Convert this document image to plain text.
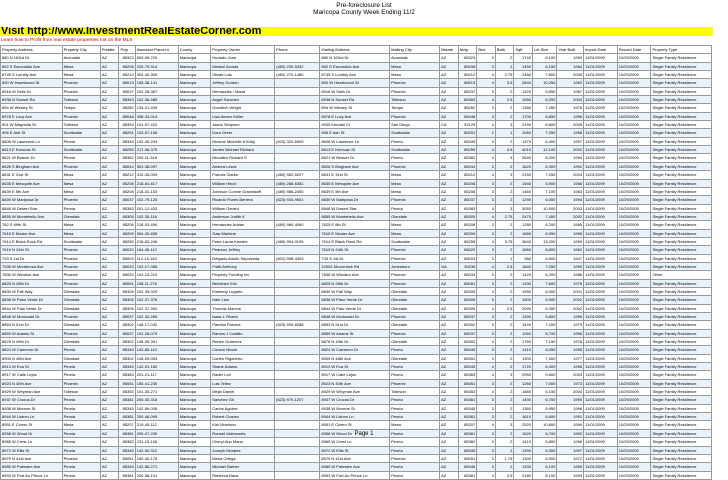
Pre-foreclosure List
Maricopa County Week Ending 11/2
Visit http://www.InvestmentRealEstateCorner.com
Learn how to Profit from real estate properties not on the MLS
Property Address	Property City	Prstate	Pzip	Assessor Parcel #	County	Property Owner	Phone	Mailing Address	Mailing City	Mstate	Mzip	Bed	Bath	Sqft	Lot Size	Year Built	Import Date	Record Date	Property Type
880 N 163rd Dr	Avondale	AZ	85323	500-09-229	Maricopa	Hurtado Jose		880 N 163rd Dr	Avondale	AZ	85323	3	2	1740	6,100	1999	11/01/2009	10/29/2009	Single Family Residence
892 S Escondido Ave	Mesa	AZ	85208	220-79-914	Maricopa	Marisol Acosta	(480) 239-5332	892 S Escondido Ave	Mesa	AZ	85208	3	2	1450	6,150	1984	11/01/2009	10/29/2009	Single Family Residence
8745 S Lumbly Ave	Mesa	AZ	85212	304-40-305	Maricopa	Olivas Luis	(480) 270-1480	8745 S Lumbly Ave	Mesa	AZ	85212	4	2.75	2480	7,800	2005	11/01/2009	10/29/2009	Single Family Residence
890 W Hazelwood St	Phoenix	AZ	85013	155-38-141	Maricopa	Jeffrey Gordon		890 W Hazelwood St	Phoenix	AZ	85013	4	3.5	2840	10,250	1962	11/01/2009	10/29/2009	Single Family Residence
8916 W Sells Dr	Phoenix	AZ	85037	102-28-367	Maricopa	Hernandez / Maria		8916 W Sells Dr	Phoenix	AZ	85037	3	2	1320	5,850	1987	11/01/2009	10/29/2009	Single Family Residence
8938 N Sunset Rd	Tolleson	AZ	85353	102-36-485	Maricopa	Angel Sanchez		8938 N Sunset Rd	Tolleson	AZ	85353	4	2.5	1950	6,200	2003	11/01/2009	10/29/2009	Single Family Residence
894 W Wesley St	Tempe	AZ	85282	134-21-409	Maricopa	Goodrich Wright		894 W Wesley St	Tempe	AZ	85282	3	2	1380	7,450	1976	11/01/2009	10/29/2009	Single Family Residence
8978 E Lucy Ave	Phoenix	AZ	85048	308-43-014	Maricopa	Lisa Ameur Keller		8978 E Lucy Ave	Phoenix	AZ	85048	3	2	1700	6,850	1996	11/01/2009	10/29/2009	Single Family Residence
901 W Magnolia St	Tolleson	AZ	85353	101-57-422	Maricopa	Jason Simpson		9005 Kendall Ct	San Diego	CA	92129	4	3	2150	6,800	2005	11/01/2009	10/29/2009	Single Family Residence
906 E Ash St	Scottsdale	AZ	85251	120-07-106	Maricopa	Dora Greer		906 E Ash St	Scottsdale	AZ	85251	2	1	1060	7,350	1958	11/01/2009	10/29/2009	Single Family Residence
8608 W Lawrence Ln	Peoria	AZ	85345	142-45-203	Maricopa	Monroe Michelle A Kirby	(623) 322-6909	8608 W Lawrence Ln	Peoria	AZ	85345	3	2	1370	6,400	1997	11/01/2009	10/29/2009	Single Family Residence
8613 E Kerouac St	Scottsdale	AZ	85255	217-08-375	Maricopa	James Michael Richard		8613 E Kerouac St	Scottsdale	AZ	85255	4	4.5	4010	12,100	2002	11/01/2009	10/29/2009	Single Family Residence
8621 W Beaver Dr	Peoria	AZ	85382	200-11-318	Maricopa	Mccallen Richard S		8621 W Beaver Dr	Peoria	AZ	85382	4	3	2640	8,200	1994	11/01/2009	10/29/2009	Single Family Residence
8626 S Bingham Ave	Phoenix	AZ	85044	301-38-097	Maricopa	Andrea Lewis		8626 S Bingham Ave	Phoenix	AZ	85044	3	2	1620	6,300	1992	11/01/2009	10/29/2009	Single Family Residence
8631 E 31st St	Mesa	AZ	85212	312-45-009	Maricopa	Francis Clarke	(480) 962-5207	8631 E 31st St	Mesa	AZ	85212	4	3	2150	7,250	2004	11/01/2009	10/29/2009	Single Family Residence
8635 E Mesquite Ave	Mesa	AZ	85208	218-64-617	Maricopa	William Hinch	(480) 288-6381	8635 E Mesquite Ave	Mesa	AZ	85208	3	2	1540	5,900	1986	11/01/2009	10/29/2009	Single Family Residence
8639 E 5th Ave	Mesa	AZ	85208	218-02-153	Maricopa	Johnson Connie Grandstaff	(480) 986-2450	8639 E 5th Ave	Mesa	AZ	85208	3	2	1460	7,100	1983	11/01/2009	10/29/2009	Single Family Residence
8839 W Mariposa Dr	Phoenix	AZ	85037	102-79-125	Maricopa	Ricardo Flores Berrera	(623) 934-9501	8839 W Mariposa Dr	Phoenix	AZ	85037	3	2	1290	6,000	1994	11/01/2009	10/29/2009	Single Family Residence
8848 W Desert Star	Peoria	AZ	85383	201-12-433	Maricopa	William Gerard		8848 W Desert Star	Peoria	AZ	85383	4	3	3050	10,500	2003	11/01/2009	10/29/2009	Single Family Residence
8855 W Montebello Ave	Glendale	AZ	85305	102-35-116	Maricopa	Anderson Judith K		8855 W Montebello Ave	Glendale	AZ	85305	4	2.75	2470	7,450	2002	11/01/2009	10/29/2009	Single Family Residence
762 S 69th St	Mesa	AZ	85208	218-03-490	Maricopa	Hernandez Adrian	(480) 984-4090	7625 E 6th St	Mesa	AZ	85208	3	2	1280	6,200	1985	11/01/2009	10/29/2009	Single Family Residence
7615 E Mosier Ave	Mesa	AZ	85209	304-30-655	Maricopa	Gaw Marlene		7615 E Mosier Ave	Mesa	AZ	85209	3	2	1650	6,950	1996	11/01/2009	10/29/2009	Single Family Residence
7614 E Black Rock Rd	Scottsdale	AZ	85255	216-63-246	Maricopa	Peter Laura Keesler	(480) 994-0105	7614 E Black Rock Rd	Scottsdale	AZ	85255	4	3.75	3640	13,200	1999	11/01/2009	10/29/2009	Single Family Residence
7619 N 24th St	Phoenix	AZ	85020	164-46-112	Maricopa	Pearson Jeffrey		7619 N 24th St	Phoenix	AZ	85020	3	2	1560	8,800	1962	11/01/2009	10/29/2009	Single Family Residence
733 S 1st Dr	Phoenix	AZ	85003	112-15-183	Maricopa	Delgado Adolfo Sepulveda	(602) 998-4303	733 S 1st Dr	Phoenix	AZ	85003	3	1	980	6,500	1947	11/01/2009	10/29/2009	Single Family Residence
7339 W Monterosa Ave	Phoenix	AZ	85033	102-17-085	Maricopa	Fratti Anthony		10002 Mccormick Rd	Jonesboro	GA	30236	4	2.5	1840	7,050	1999	11/01/2009	10/29/2009	Single Family Residence
7836 W Windsor Ave	Phoenix	AZ	85033	102-19-210	Maricopa	Property Funding Inc		7836 W Windsor Ave	Phoenix	AZ	85033	3	2	1420	6,200	1986	11/01/2009	10/29/2009	Other
8825 N 28th Dr	Phoenix	AZ	85051	158-11-276	Maricopa	Berkshire Eric		8825 N 28th Dr	Phoenix	AZ	85051	3	2	1330	7,600	1975	11/01/2009	10/29/2009	Single Family Residence
8830 W Pali Way	Glendale	AZ	85305	102-39-029	Maricopa	Kimberly Lugarto		8830 W Pali Way	Glendale	AZ	85305	4	2	1950	6,000	2001	11/01/2009	10/29/2009	Single Family Residence
8838 W Paso Verde Dr	Glendale	AZ	85305	102-37-376	Maricopa	Hale Lisa		8838 W Paso Verde Dr	Glendale	AZ	85305	3	2	1500	5,900	2002	11/01/2009	10/29/2009	Single Family Residence
8844 W Palo Verde Dr	Glendale	AZ	85305	102-37-392	Maricopa	Thomas Marcus		8844 W Palo Verde Dr	Glendale	AZ	85305	4	2.5	2090	6,350	2002	11/01/2009	10/29/2009	Single Family Residence
8848 W Mcdonald Dr	Phoenix	AZ	85037	102-32-265	Maricopa	Isaac L Rivera		8848 W Mcdonald Dr	Phoenix	AZ	85037	3	2	1390	5,800	1995	11/01/2009	10/29/2009	Single Family Residence
8853 N 51st Dr	Glendale	AZ	85302	148-17-032	Maricopa	Pamela Paloma	(623) 939-8288	8853 N 51st Dr	Glendale	AZ	85302	3	2	1440	7,200	1979	11/01/2009	10/29/2009	Single Family Residence
8859 W Adams St	Phoenix	AZ	85037	102-28-079	Maricopa	Ramon J Castillo		8859 W Adams St	Phoenix	AZ	85037	3	2	1260	5,700	1996	11/01/2009	10/29/2009	Single Family Residence
8878 N 49th Dr	Glendale	AZ	85302	148-09-391	Maricopa	Renee Gutierrez		8878 N 49th Dr	Glendale	AZ	85302	4	2	1760	7,150	1978	11/01/2009	10/29/2009	Single Family Residence
8824 W Cameron Dr	Peoria	AZ	85345	142-85-110	Maricopa	Corson Nicole		8824 W Cameron Dr	Peoria	AZ	85345	3	2	1410	6,050	1995	11/01/2009	10/29/2009	Single Family Residence
8905 N 48th Ave	Glendale	AZ	85302	148-09-053	Maricopa	Cortes Rigoberto		8905 N 48th Ave	Glendale	AZ	85302	3	2	1300	7,300	1977	11/01/2009	10/29/2009	Single Family Residence
8913 W Eva St	Peoria	AZ	85345	142-91-180	Maricopa	Shane Adams		8913 W Eva St	Peoria	AZ	85345	4	2	1720	6,400	1998	11/01/2009	10/29/2009	Single Family Residence
8917 W Calle Lejos	Peoria	AZ	85383	201-21-117	Maricopa	Rader Lori		8917 W Calle Lejos	Peoria	AZ	85383	4	3	2950	9,800	2003	11/01/2009	10/29/2009	Single Family Residence
8923 N 40th Ave	Phoenix	AZ	85051	150-41-230	Maricopa	Luis Tellez		8923 N 40th Ave	Phoenix	AZ	85051	3	2	1260	7,000	1973	11/01/2009	10/29/2009	Single Family Residence
8929 W Whyman Ave	Tolleson	AZ	85353	101-30-271	Maricopa	Mejia Daniel		8929 W Whyman Ave	Tolleson	AZ	85353	4	2	1880	6,150	2004	11/01/2009	10/29/2009	Single Family Residence
8937 W Crocus Dr	Peoria	AZ	85381	200-40-316	Maricopa	Sanchez Gil	(623) 979-1207	8937 W Crocus Dr	Peoria	AZ	85381	3	2	1490	6,700	1990	11/01/2009	10/29/2009	Single Family Residence
8938 W Monroe St	Peoria	AZ	85345	142-89-008	Maricopa	Carlos Aguirre		8938 W Monroe St	Peoria	AZ	85345	3	2	1360	5,950	1996	11/01/2009	10/29/2009	Single Family Residence
8944 W Lisbon Ln	Peoria	AZ	85381	200-46-095	Maricopa	Robert Chavez		8944 W Lisbon Ln	Peoria	AZ	85381	3	2	1610	6,600	1991	11/01/2009	10/29/2009	Single Family Residence
8951 E Cicero St	Mesa	AZ	85207	219-45-112	Maricopa	Kirk Morrison		8951 E Cicero St	Mesa	AZ	85207	4	3	2520	10,800	1999	11/01/2009	10/29/2009	Single Family Residence
8958 W Wood Dr	Peoria	AZ	85381	200-47-230	Maricopa	Ronald Valenzuela		8958 W Wood Dr	Peoria	AZ	85381	3	2	1520	6,700	1992	11/01/2009	10/29/2009	Single Family Residence
8965 W Crest Ln	Peoria	AZ	85382	231-15-106	Maricopa	Cheryl Ann Mann		8965 W Crest Ln	Peoria	AZ	85382	3	2	1410	5,800	1996	11/01/2009	10/29/2009	Single Family Residence
8972 W Ellis St	Peoria	AZ	85345	142-90-312	Maricopa	Joseph Morales		8972 W Ellis St	Peoria	AZ	85345	3	2	1390	6,300	1997	11/01/2009	10/29/2009	Single Family Residence
8979 N 41st Ave	Phoenix	AZ	85051	150-40-178	Maricopa	Maria Ortega		8979 N 41st Ave	Phoenix	AZ	85051	3	1.75	1300	6,900	1972	11/01/2009	10/29/2009	Single Family Residence
8985 W Palmaire Ave	Peoria	AZ	85345	142-86-271	Maricopa	Michael Barber		8985 W Palmaire Ave	Peoria	AZ	85345	3	2	1330	6,100	1995	11/01/2009	10/29/2009	Single Family Residence
8993 W Port Au Prince Ln	Peoria	AZ	85381	200-58-101	Maricopa	Rebecca Baca		8993 W Port Au Prince Ln	Peoria	AZ	85381	4	2.5	2180	8,100	1993	11/01/2009	10/29/2009	Single Family Residence
Page 1
